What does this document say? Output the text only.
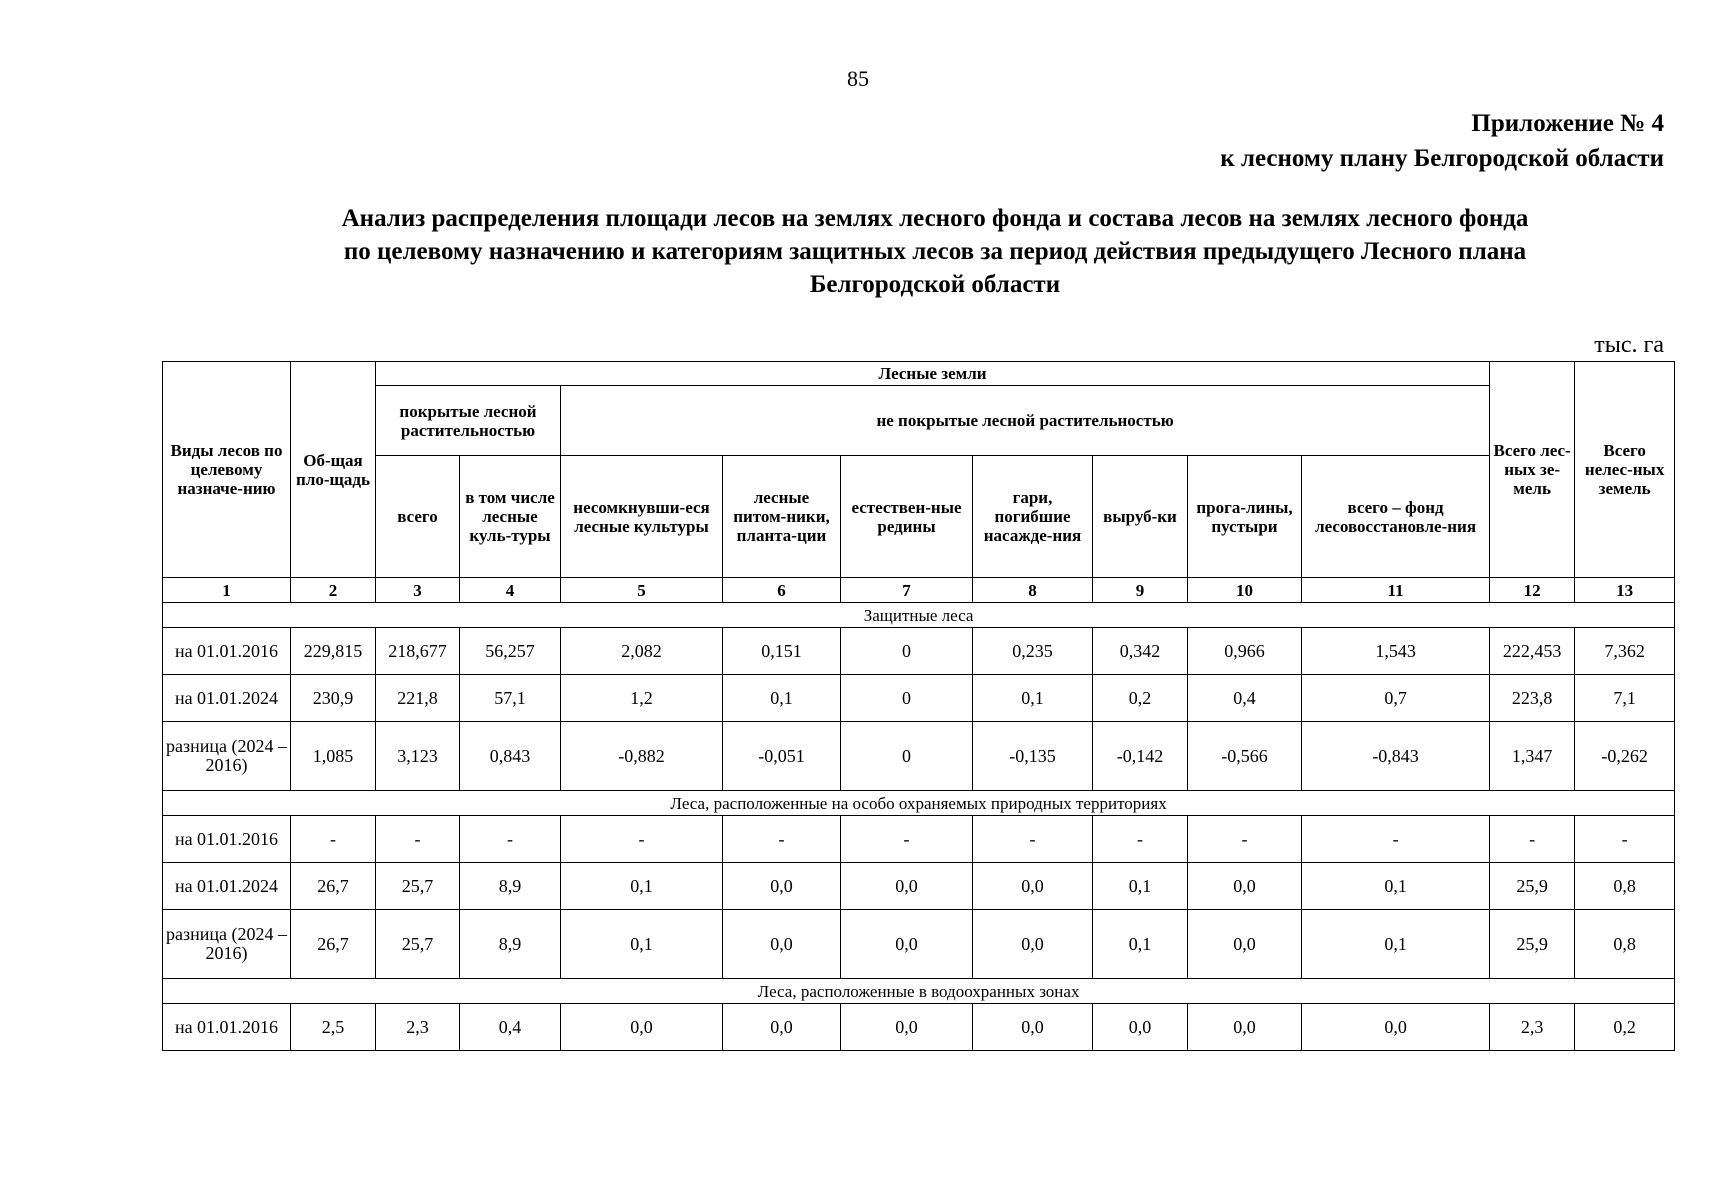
85
Приложение № 4
к лесному плану Белгородской области
Анализ распределения площади лесов на землях лесного фонда и состава лесов на землях лесного фонда
по целевому назначению и категориям защитных лесов за период действия предыдущего Лесного плана
Белгородской области
тыс. га
Виды лесов по целевому назначе-нию	Об-щая пло-щадь	Лесные земли									Всего лес-ных зе-мель	Всего нелес-ных земель
		покрытые лесной растительностью		не покрытые лесной растительностью								
		всего	в том числе лесные куль-туры	несомкнувши-еся лесные культуры	лесные питом-ники, планта-ции	естествен-ные редины	гари, погибшие насажде-ния	выруб-ки	прога-лины, пустыри	всего – фонд лесовосстановле-ния		
1	2	3	4	5	6	7	8	9	10	11	12	13
Защитные леса												
на 01.01.2016	229,815	218,677	56,257	2,082	0,151	0	0,235	0,342	0,966	1,543	222,453	7,362
на 01.01.2024	230,9	221,8	57,1	1,2	0,1	0	0,1	0,2	0,4	0,7	223,8	7,1
разница (2024 – 2016)	1,085	3,123	0,843	-0,882	-0,051	0	-0,135	-0,142	-0,566	-0,843	1,347	-0,262
Леса, расположенные на особо охраняемых природных территориях												
на 01.01.2016	-	-	-	-	-	-	-	-	-	-	-	-
на 01.01.2024	26,7	25,7	8,9	0,1	0,0	0,0	0,0	0,1	0,0	0,1	25,9	0,8
разница (2024 – 2016)	26,7	25,7	8,9	0,1	0,0	0,0	0,0	0,1	0,0	0,1	25,9	0,8
Леса, расположенные в водоохранных зонах												
на 01.01.2016	2,5	2,3	0,4	0,0	0,0	0,0	0,0	0,0	0,0	0,0	2,3	0,2
